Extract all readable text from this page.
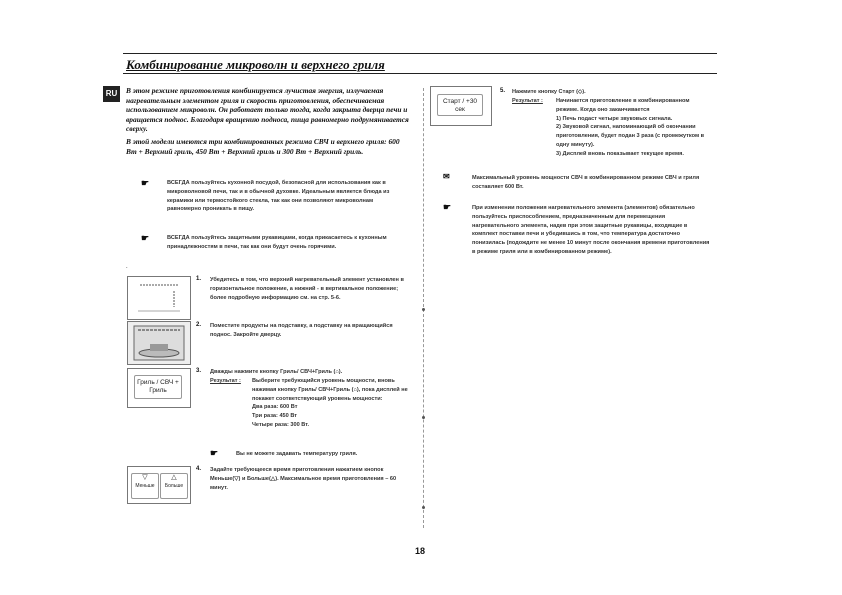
Комбинирование микроволн и верхнего гриля
RU	В этом режиме приготовления комбинируется лучистая энергия, излучаемая нагревательным элементом гриля и скорость приготовления, обеспечиваемая использованием микроволн. Он работает только тогда, когда закрыта дверца печи и вращается поднос. Благодаря вращению подноса, пища равномерно подрумянивается сверху.

В этой модели имеются три комбинированных режима СВЧ и верхнего гриля: 600 Вт + Верхний гриль, 450 Вт + Верхний гриль и 300 Вт + Верхний гриль.

☛	ВСЕГДА пользуйтесь кухонной посудой, безопасной для использования как в микроволновой печи, так и в обычной духовке. Идеальным является блюда из керамики или термостойкого стекла, так как они позволяют микроволнам равномерно проникать в пищу.
☛	ВСЕГДА пользуйтесь защитными рукавицами, когда прикасаетесь к кухонным принадлежностям в печи, так как они будут очень горячими.
.
1. Убедитесь в том, что верхний нагревательный элемент установлен в горизонтальное положение, а нижний - в вертикальное положение; более подробную информацию см. на стр. 5-6.
2. Поместите продукты на подставку, а подставку на вращающийся поднос. Закройте дверцу.
Гриль / СВЧ + Гриль
3. Дважды нажмите кнопку Гриль/ СВЧ+Гриль (⌂).
Результат : Выберите требующийся уровень мощности, вновь нажимая кнопку Гриль/ СВЧ+Гриль (⌂), пока дисплей не покажет соответствующий уровень мощности:
Два раза: 600 Вт
Три раза: 450 Вт
Четыре раза: 300 Вт.
☛	Вы не можете задавать температуру гриля.
▽
Меньше
△
Больше
4. Задайте требующееся время приготовления нажатием кнопок Меньше(▽) и Больше(△). Максимальное время приготовления – 60 минут.
Старт / +30 сек
5. Нажмите кнопку Старт (◇).
Результат : Начинается приготовление в комбинированном режиме. Когда оно заканчивается
1) Печь подаст четыре звуковых сигнала.
2) Звуковой сигнал, напоминающий об окончании приготовления, будет подан 3 раза (с промежутком в одну минуту).
3) Дисплей вновь показывает текущее время.
✉	Максимальный уровень мощности СВЧ в комбинированном режиме СВЧ и гриля составляет 600 Вт.
☛	При изменении положения нагревательного элемента (элементов) обязательно пользуйтесь приспособлением, предназначенным для перемещения нагревательного элемента, надев при этом защитные рукавицы, входящие в комплект поставки печи и убедившись в том, что температура достаточно понизилась (подождите не менее 10 минут после окончания времени приготовления в режиме гриля или в комбинированном режиме).
18
